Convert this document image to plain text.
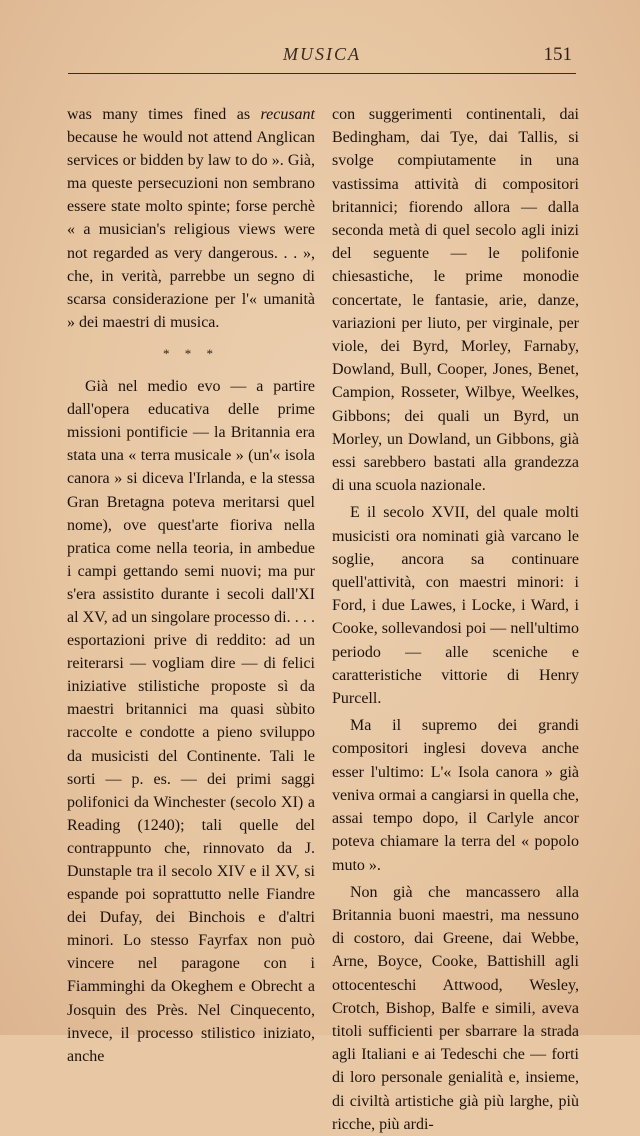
MUSICA	151

was many times fined as recusant because he would not attend Anglican services or bidden by law to do ». Già, ma queste persecuzioni non sembrano essere state molto spinte; forse perchè « a musician's religious views were not regarded as very dangerous. . . », che, in verità, parrebbe un segno di scarsa considerazione per l'« umanità » dei maestri di musica.

* * *

Già nel medio evo — a partire dall'opera educativa delle prime missioni pontificie — la Britannia era stata una « terra musicale » (un'« isola canora » si diceva l'Irlanda, e la stessa Gran Bretagna poteva meritarsi quel nome), ove quest'arte fioriva nella pratica come nella teoria, in ambedue i campi gettando semi nuovi; ma pur s'era assistito durante i secoli dall'XI al XV, ad un singolare processo di. . . . esportazioni prive di reddito: ad un reiterarsi — vogliam dire — di felici iniziative stilistiche proposte sì da maestri britannici ma quasi sùbito raccolte e condotte a pieno sviluppo da musicisti del Continente. Tali le sorti — p. es. — dei primi saggi polifonici da Winchester (secolo XI) a Reading (1240); tali quelle del contrappunto che, rinnovato da J. Dunstaple tra il secolo XIV e il XV, si espande poi soprattutto nelle Fiandre dei Dufay, dei Binchois e d'altri minori. Lo stesso Fayrfax non può vincere nel paragone con i Fiamminghi da Okeghem e Obrecht a Josquin des Près. Nel Cinquecento, invece, il processo stilistico iniziato, anche

con suggerimenti continentali, dai Bedingham, dai Tye, dai Tallis, si svolge compiutamente in una vastissima attività di compositori britannici; fiorendo allora — dalla seconda metà di quel secolo agli inizi del seguente — le polifonie chiesastiche, le prime monodie concertate, le fantasie, arie, danze, variazioni per liuto, per virginale, per viole, dei Byrd, Morley, Farnaby, Dowland, Bull, Cooper, Jones, Benet, Campion, Rosseter, Wilbye, Weelkes, Gibbons; dei quali un Byrd, un Morley, un Dowland, un Gibbons, già essi sarebbero bastati alla grandezza di una scuola nazionale.

E il secolo XVII, del quale molti musicisti ora nominati già varcano le soglie, ancora sa continuare quell'attività, con maestri minori: i Ford, i due Lawes, i Locke, i Ward, i Cooke, sollevandosi poi — nell'ultimo periodo — alle sceniche e caratteristiche vittorie di Henry Purcell.

Ma il supremo dei grandi compositori inglesi doveva anche esser l'ultimo: L'« Isola canora » già veniva ormai a cangiarsi in quella che, assai tempo dopo, il Carlyle ancor poteva chiamare la terra del « popolo muto ».

Non già che mancassero alla Britannia buoni maestri, ma nessuno di costoro, dai Greene, dai Webbe, Arne, Boyce, Cooke, Battishill agli ottocenteschi Attwood, Wesley, Crotch, Bishop, Balfe e simili, aveva titoli sufficienti per sbarrare la strada agli Italiani e ai Tedeschi che — forti di loro personale genialità e, insieme, di civiltà artistiche già più larghe, più ricche, più ardi-
